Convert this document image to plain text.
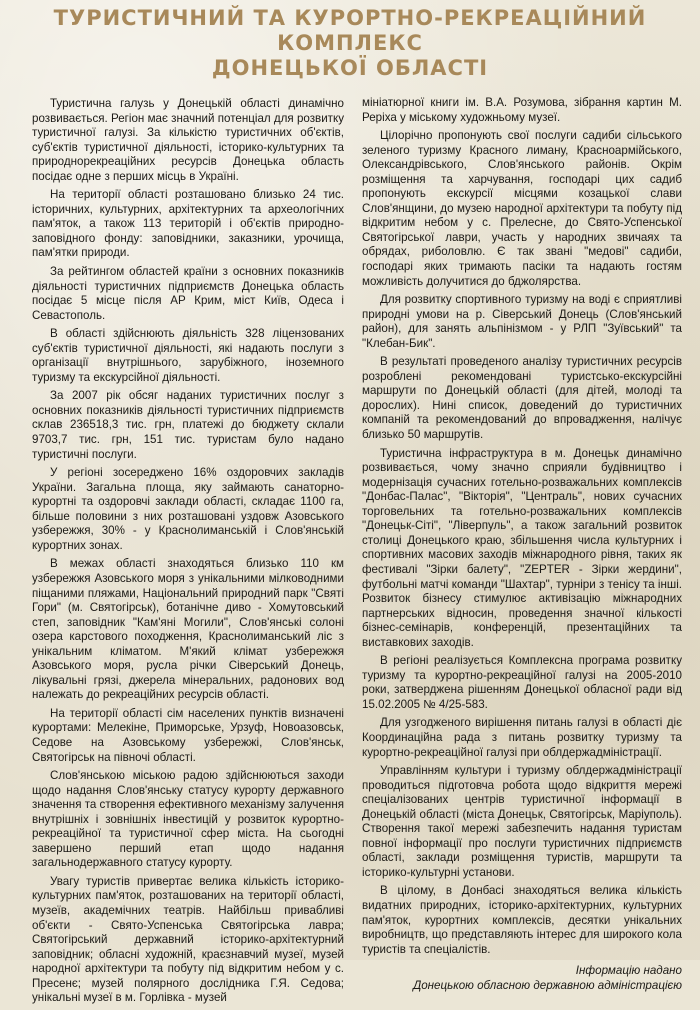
ТУРИСТИЧНИЙ ТА КУРОРТНО-РЕКРЕАЦІЙНИЙ КОМПЛЕКС
ДОНЕЦЬКОЇ ОБЛАСТІ

Туристична галузь у Донецькій області динамічно розвивається. Регіон має значний потенціал для розвитку туристичної галузі. За кількістю туристичних об'єктів, суб'єктів туристичної діяльності, історико-культурних та природнорекреаційних ресурсів Донецька область посідає одне з перших місць в Україні.

На території області розташовано близько 24 тис. історичних, культурних, архітектурних та археологічних пам'яток, а також 113 територій і об'єктів природно-заповідного фонду: заповідники, заказники, урочища, пам'ятки природи.

За рейтингом областей країни з основних показників діяльності туристичних підприємств Донецька область посідає 5 місце після АР Крим, міст Київ, Одеса і Севастополь.

В області здійснюють діяльність 328 ліцензованих суб'єктів туристичної діяльності, які надають послуги з організації внутрішнього, зарубіжного, іноземного туризму та екскурсійної діяльності.

За 2007 рік обсяг наданих туристичних послуг з основних показників діяльності туристичних підприємств склав 236518,3 тис. грн, платежі до бюджету склали 9703,7 тис. грн, 151 тис. туристам було надано туристичні послуги.

У регіоні зосереджено 16% оздоровчих закладів України. Загальна площа, яку займають санаторно-курортні та оздоровчі заклади області, складає 1100 га, більше половини з них розташовані уздовж Азовського узбережжя, 30% - у Краснолиманській і Слов'янській курортних зонах.

В межах області знаходяться близько 110 км узбережжя Азовського моря з унікальними мілководними піщаними пляжами, Національний природний парк "Святі Гори" (м. Святогірськ), ботанічне диво - Хомутовський степ, заповідник "Кам'яні Могили", Слов'янські солоні озера карстового походження, Краснолиманський ліс з унікальним кліматом. М'який клімат узбережжя Азовського моря, русла річки Сіверський Донець, лікувальні грязі, джерела мінеральних, радонових вод належать до рекреаційних ресурсів області.

На території області сім населених пунктів визначені курортами: Мелекіне, Приморське, Урзуф, Новоазовськ, Седове на Азовському узбережжі, Слов'янськ, Святогірськ на півночі області.

Слов'янською міською радою здійснюються заходи щодо надання Слов'янську статусу курорту державного значення та створення ефективного механізму залучення внутрішніх і зовнішніх інвестицій у розвиток курортно-рекреаційної та туристичної сфер міста. На сьогодні завершено перший етап щодо надання загальнодержавного статусу курорту.

Увагу туристів привертає велика кількість історико-культурних пам'яток, розташованих на території області, музеїв, академічних театрів. Найбільш привабливі об'єкти - Свято-Успенська Святогірська лавра; Святогірський державний історико-архітектурний заповідник; обласні художній, краєзнавчий музеї, музей народної архітектури та побуту під відкритим небом у с. Пресенє; музей полярного дослідника Г.Я. Седова; унікальні музеї в м. Горлівка - музей

мініатюрної книги ім. В.А. Розумова, зібрання картин М. Реріха у міському художньому музеї.

Цілорічно пропонують свої послуги садиби сільського зеленого туризму Красного лиману, Красноармійського, Олександрівського, Слов'янського районів. Окрім розміщення та харчування, господарі цих садиб пропонують екскурсії місцями козацької слави Слов'янщини, до музею народної архітектури та побуту під відкритим небом у с. Прелесне, до Свято-Успенської Святогірської лаври, участь у народних звичаях та обрядах, риболовлю. Є так звані "медові" садиби, господарі яких тримають пасіки та надають гостям можливість долучитися до бджолярства.

Для розвитку спортивного туризму на воді є сприятливі природні умови на р. Сіверський Донець (Слов'янський район), для занять альпінізмом - у РЛП "Зуївський" та "Клебан-Бик".

В результаті проведеного аналізу туристичних ресурсів розроблені рекомендовані туристсько-екскурсійні маршрути по Донецькій області (для дітей, молоді та дорослих). Нині список, доведений до туристичних компаній та рекомендований до впровадження, налічує близько 50 маршрутів.

Туристична інфраструктура в м. Донецьк динамічно розвивається, чому значно сприяли будівництво і модернізація сучасних готельно-розважальних комплексів "Донбас-Палас", "Вікторія", "Централь", нових сучасних торговельних та готельно-розважальних комплексів "Донецьк-Сіті", "Ліверпуль", а також загальний розвиток столиці Донецького краю, збільшення числа культурних і спортивних масових заходів міжнародного рівня, таких як фестивалі "Зірки балету", "ZEPTER - Зірки жердини", футбольні матчі команди "Шахтар", турніри з тенісу та інші. Розвиток бізнесу стимулює активізацію міжнародних партнерських відносин, проведення значної кількості бізнес-семінарів, конференцій, презентаційних та виставкових заходів.

В регіоні реалізується Комплексна програма розвитку туризму та курортно-рекреаційної галузі на 2005-2010 роки, затверджена рішенням Донецької обласної ради від 15.02.2005 № 4/25-583.

Для узгодженого вирішення питань галузі в області діє Координаційна рада з питань розвитку туризму та курортно-рекреаційної галузі при облдержадміністрації.

Управлінням культури і туризму облдержадміністрації проводиться підготовча робота щодо відкриття мережі спеціалізованих центрів туристичної інформації в Донецькій області (міста Донецьк, Святогірськ, Маріуполь). Створення такої мережі забезпечить надання туристам повної інформації про послуги туристичних підприємств області, заклади розміщення туристів, маршрути та історико-культурні установи.

В цілому, в Донбасі знаходяться велика кількість видатних природних, історико-архітектурних, культурних пам'яток, курортних комплексів, десятки унікальних виробництв, що представляють інтерес для широкого кола туристів та спеціалістів.

Інформацію надано
Донецькою обласною державною адміністрацією
